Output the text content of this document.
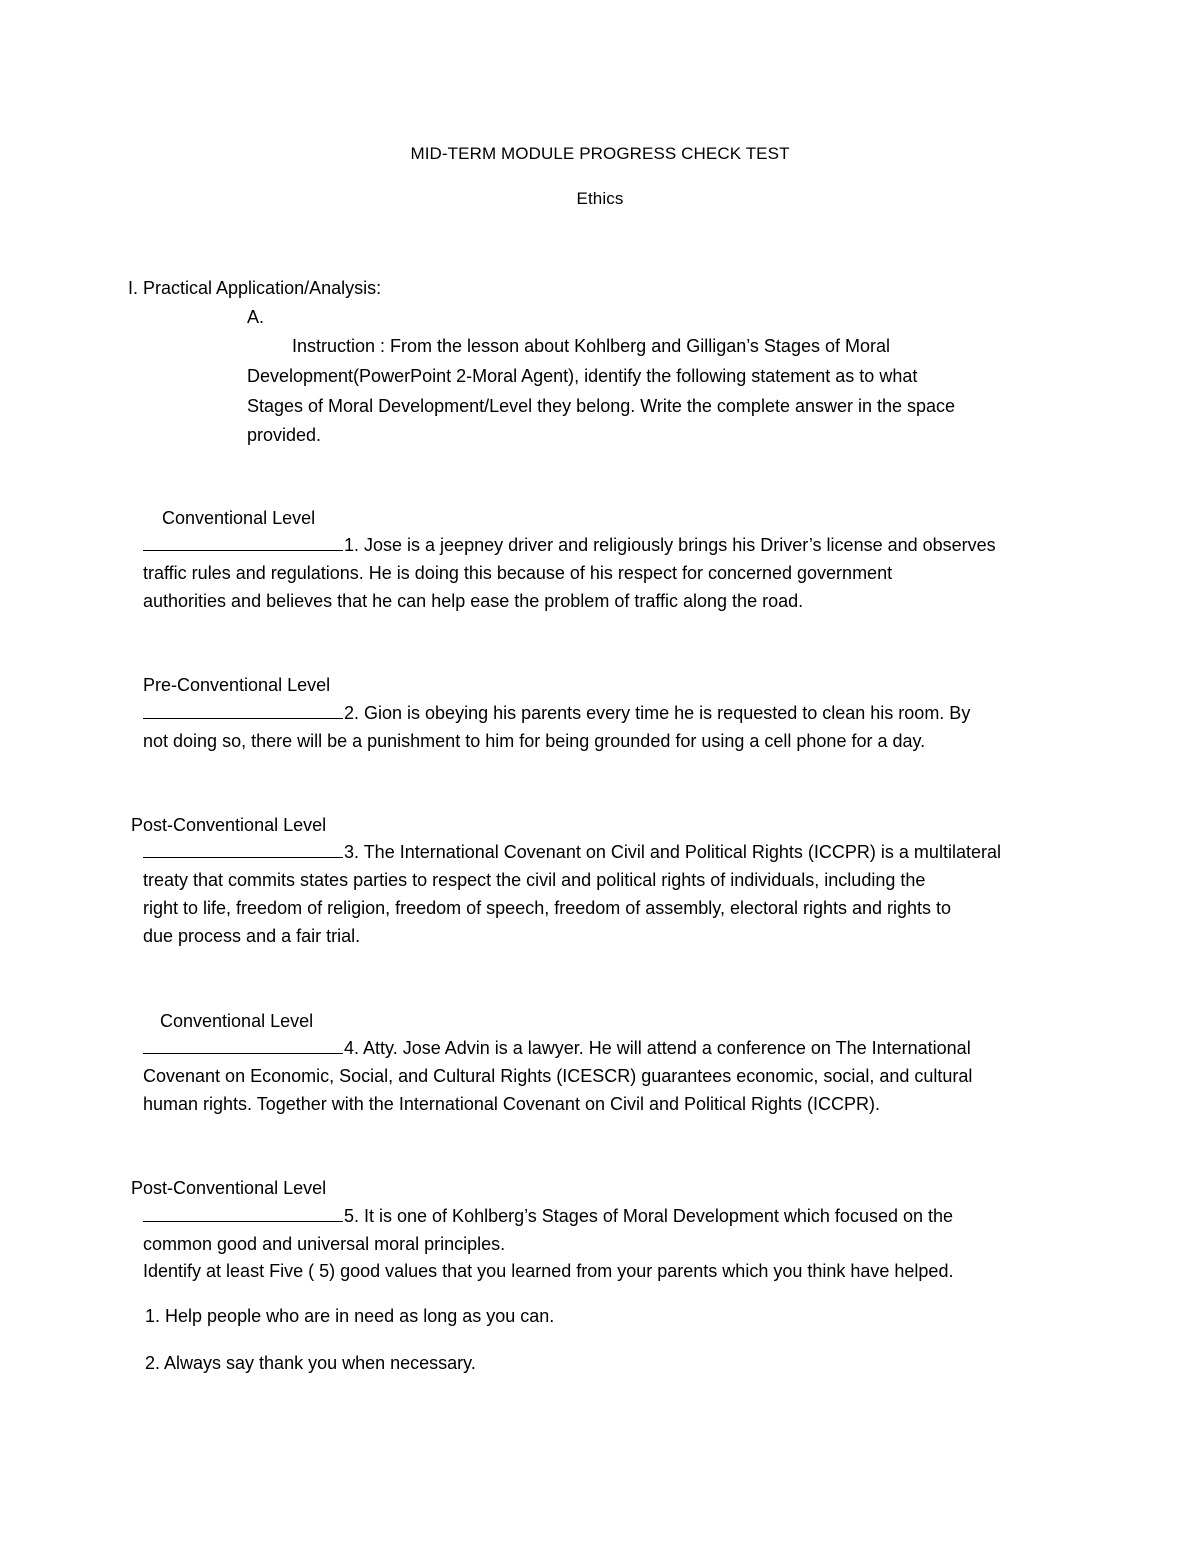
MID-TERM MODULE PROGRESS CHECK TEST
Ethics
I. Practical Application/Analysis:
A.
Instruction : From the lesson about Kohlberg and Gilligan’s Stages of Moral
Development(PowerPoint 2-Moral Agent), identify the following statement as to what
Stages of Moral Development/Level they belong. Write the complete answer in the space
provided.
Conventional Level
1. Jose is a jeepney driver and religiously brings his Driver’s license and observes
traffic rules and regulations. He is doing this because of his respect for concerned government
authorities and believes that he can help ease the problem of traffic along the road.
Pre-Conventional Level
2. Gion is obeying his parents every time he is requested to clean his room. By
not doing so, there will be a punishment to him for being grounded for using a cell phone for a day.
Post-Conventional Level
3. The International Covenant on Civil and Political Rights (ICCPR) is a multilateral
treaty that commits states parties to respect the civil and political rights of individuals, including the
right to life, freedom of religion, freedom of speech, freedom of assembly, electoral rights and rights to
due process and a fair trial.
Conventional Level
4. Atty. Jose Advin is a lawyer. He will attend a conference on The International
Covenant on Economic, Social, and Cultural Rights (ICESCR) guarantees economic, social, and cultural
human rights. Together with the International Covenant on Civil and Political Rights (ICCPR).
Post-Conventional Level
5. It is one of Kohlberg’s Stages of Moral Development which focused on the
common good and universal moral principles.
Identify at least Five ( 5) good values that you learned from your parents which you think have helped.
1. Help people who are in need as long as you can.
2. Always say thank you when necessary.
